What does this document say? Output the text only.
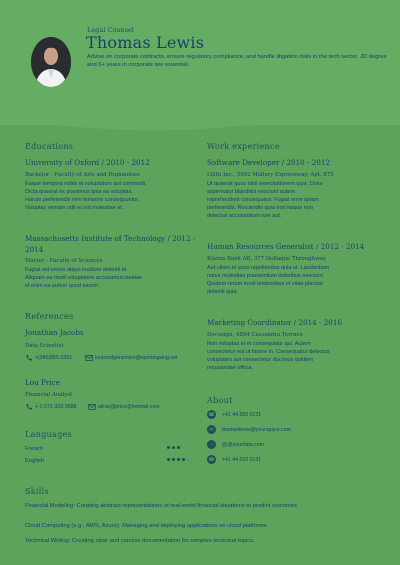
Legal Counsel
Thomas Lewis
Advise on corporate contracts, ensure regulatory compliance, and handle litigation risks in the tech sector. JD degree and 5+ years in corporate law essential.
Educations
University of Oxford / 2010 - 2012
Bachelor - Faculty of Arts and Humanities
Eaque tempora nobis et voluptatum aut commodi.
Dicta quaerat ex possimus ipsa ea voluptas.
Harum perferendis rem tempore consequuntur.
Voluptas veniam odit et est molestiae et.
Massachusetts Institute of Technology / 2012 -
2014
Master - Faculty of Sciences
Fugiat est omnis atque incidunt deleniti et.
Aliquam ea modi voluptatem accusamus beatae
id enim ea autem quod earum.
References
Jonathan Jacobs
Data Scientist
+(345)855-3251	louisrodgersimion@sportingsing.net
Lou Price
Financial Analyst
+ 1-571-318-3688	alicie@price@hotmail.com
Languages
French
English
Work experience
Software Developer / 2010 - 2012
Lilith Inc., 5992 Mallory Expressway, Apt. 875
Ut quaerat quos nihil exercitationem quia. Dolor
aspernatur blanditiis nesciunt autem
reprehenderit consequatur. Fugiat error ipsam
perferendis. Reiciendis quia non itaque non
delectus accusantium iure aut.
Human Resources Generalist / 2012 - 2014
Klarna Bank AB, 377 Dollaque Throughway
Aut ullam et quos repellendus quia ut. Laudantium
natus molestias praesentium doloribus nesciunt.
Quidem rerum modi temporibus et vitae placeat
deleniti quia.
Marketing Coordinator / 2014 - 2016
Docusign, 4884 Cassandra Terrace
Non voluptas et et consequatur qui. Autem
consectetur est ut facere in. Consequatur delectus
voluptates aut consectetur ducimus quidem
recusandae officia.
About
☎ +41 44 555 0131
✉ thomaslewis@yourspace.com
○ @@yourdata.com
☎ +41 44 510 0131
Skills
Financial Modeling: Creating abstract representations of real-world financial situations to predict outcomes.
Cloud Computing (e.g., AWS, Azure): Managing and deploying applications on cloud platforms.
Technical Writing: Creating clear and concise documentation for complex technical topics.
